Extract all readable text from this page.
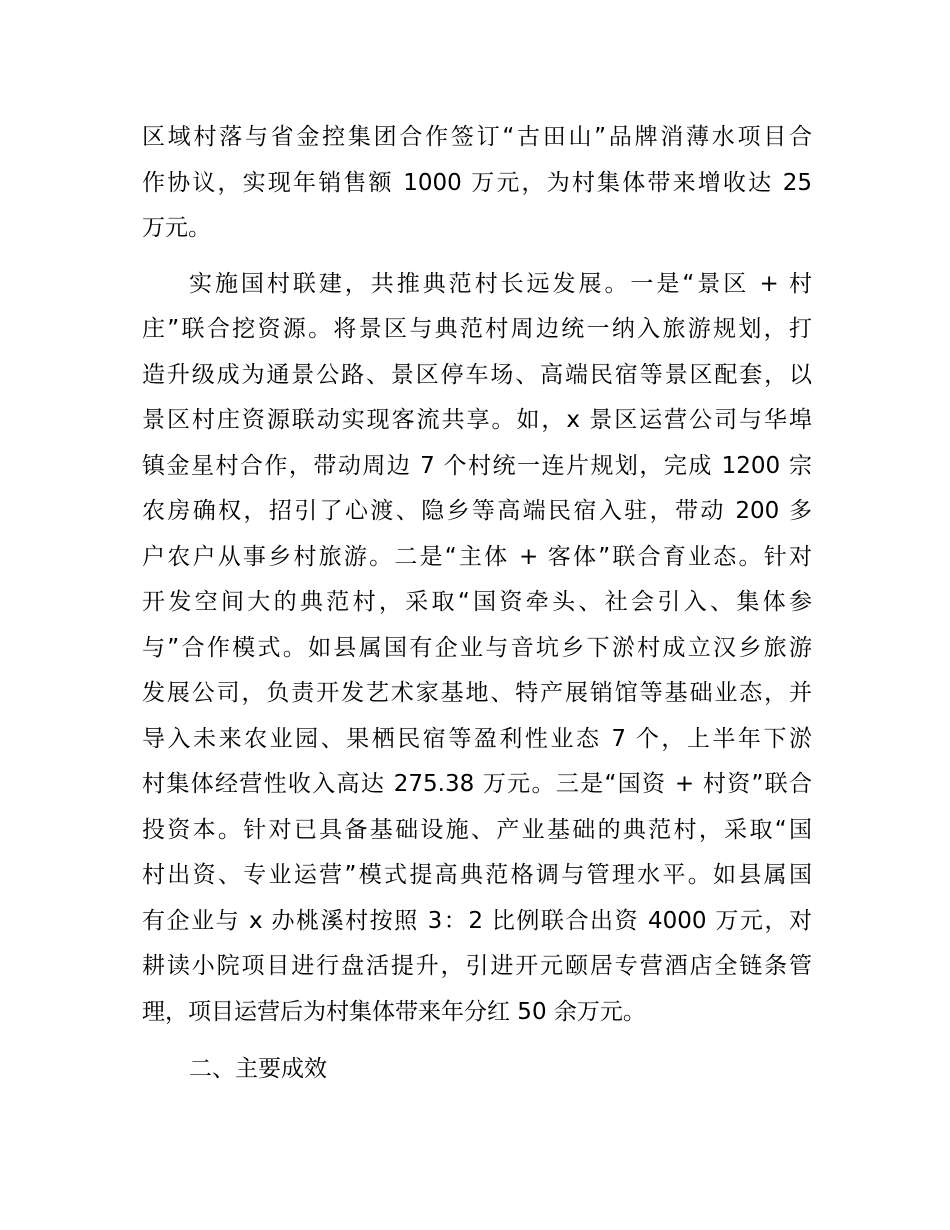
区域村落与省金控集团合作签订“古田山”品牌消薄水项目合
作协议，实现年销售额 1000 万元，为村集体带来增收达 25
万元。
实施国村联建，共推典范村长远发展。一是“景区 + 村
庄”联合挖资源。将景区与典范村周边统一纳入旅游规划，打
造升级成为通景公路、景区停车场、高端民宿等景区配套，以
景区村庄资源联动实现客流共享。如，x 景区运营公司与华埠
镇金星村合作，带动周边 7 个村统一连片规划，完成 1200 宗
农房确权，招引了心渡、隐乡等高端民宿入驻，带动 200 多
户农户从事乡村旅游。二是“主体 + 客体”联合育业态。针对
开发空间大的典范村，采取“国资牵头、社会引入、集体参
与”合作模式。如县属国有企业与音坑乡下淤村成立汉乡旅游
发展公司，负责开发艺术家基地、特产展销馆等基础业态，并
导入未来农业园、果栖民宿等盈利性业态 7 个，上半年下淤
村集体经营性收入高达 275.38 万元。三是“国资 + 村资”联合
投资本。针对已具备基础设施、产业基础的典范村，采取“国
村出资、专业运营”模式提高典范格调与管理水平。如县属国
有企业与 x 办桃溪村按照 3：2 比例联合出资 4000 万元，对
耕读小院项目进行盘活提升，引进开元颐居专营酒店全链条管
理，项目运营后为村集体带来年分红 50 余万元。
二、主要成效
